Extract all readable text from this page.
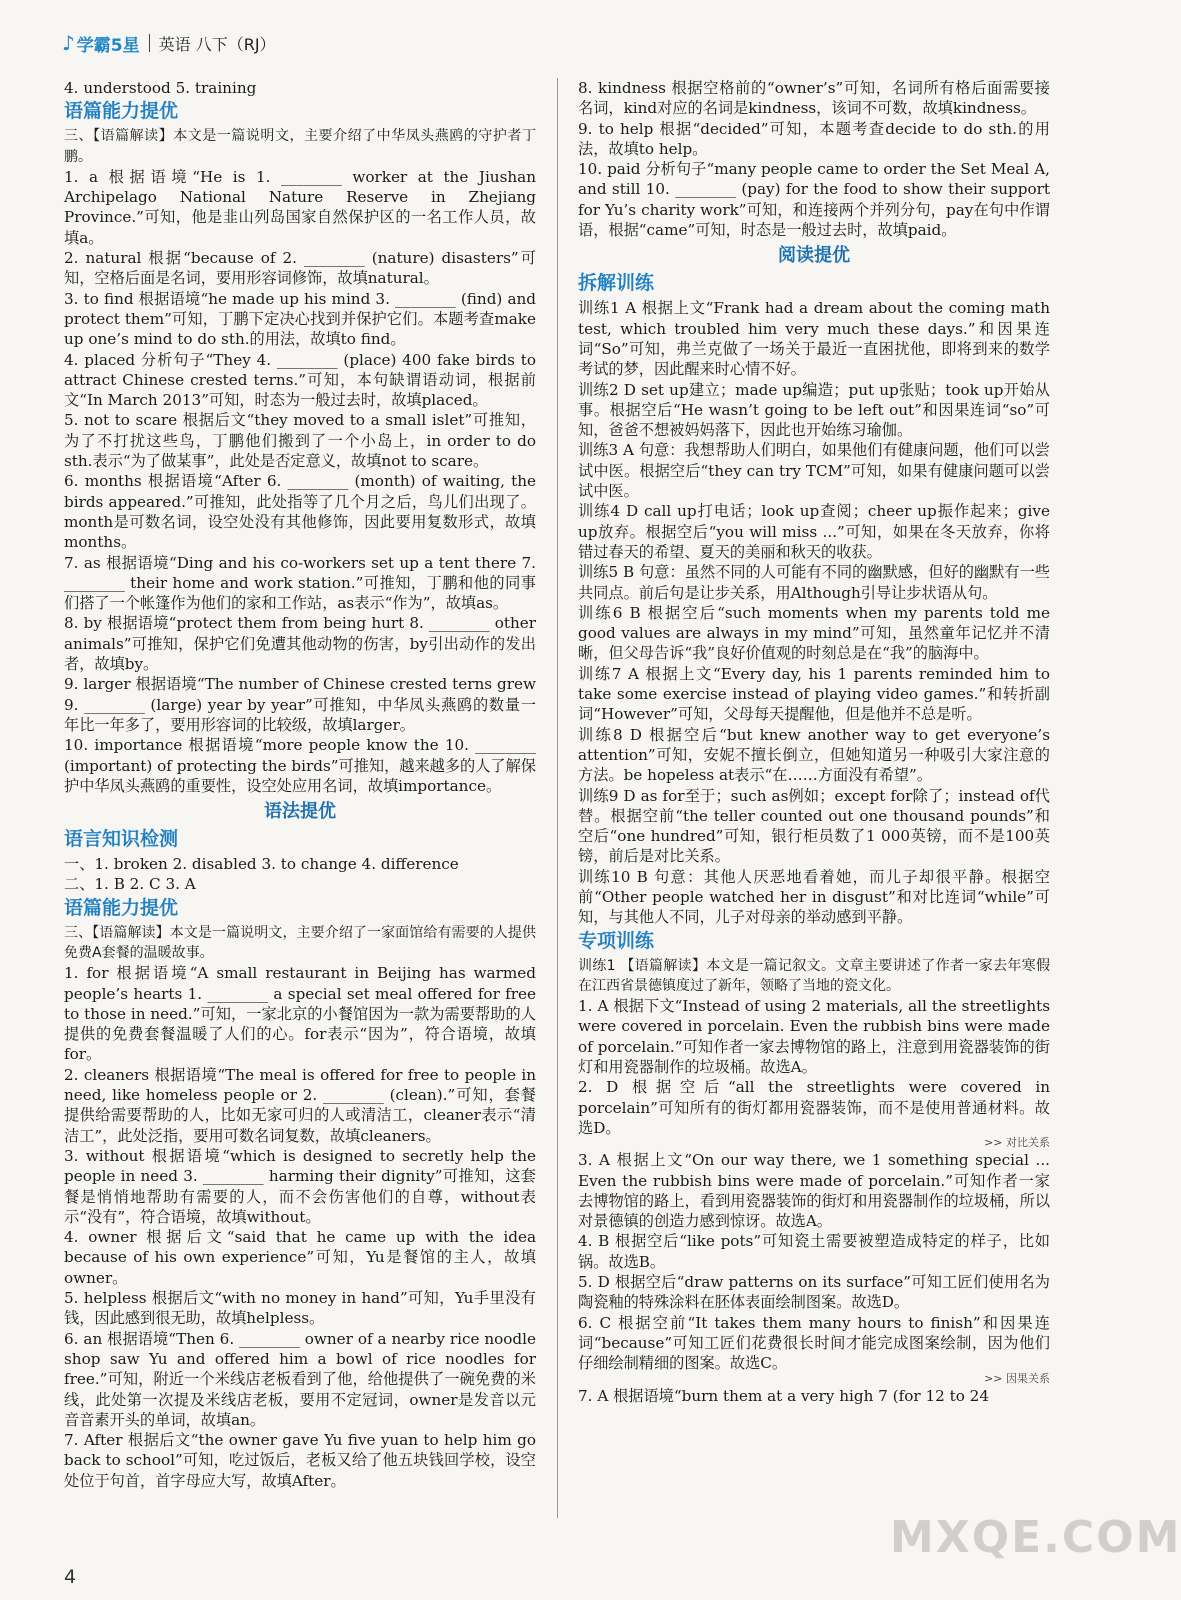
♪ 学霸5星 英语 八下（RJ）

4. understood 5. training

语篇能力提优

三、【语篇解读】本文是一篇说明文，主要介绍了中华凤头燕鸥的守护者丁鹏。

1. a 根据语境“He is 1. ________ worker at the Jiushan Archipelago National Nature Reserve in Zhejiang Province.”可知，他是韭山列岛国家自然保护区的一名工作人员，故填a。

2. natural 根据“because of 2. ________ (nature) disasters”可知，空格后面是名词，要用形容词修饰，故填natural。

3. to find 根据语境“he made up his mind 3. ________ (find) and protect them”可知，丁鹏下定决心找到并保护它们。本题考查make up one’s mind to do sth.的用法，故填to find。

4. placed 分析句子“They 4. ________ (place) 400 fake birds to attract Chinese crested terns.”可知，本句缺谓语动词，根据前文“In March 2013”可知，时态为一般过去时，故填placed。

5. not to scare 根据后文“they moved to a small islet”可推知，为了不打扰这些鸟，丁鹏他们搬到了一个小岛上，in order to do sth.表示“为了做某事”，此处是否定意义，故填not to scare。

6. months 根据语境“After 6. ________ (month) of waiting, the birds appeared.”可推知，此处指等了几个月之后，鸟儿们出现了。month是可数名词，设空处没有其他修饰，因此要用复数形式，故填months。

7. as 根据语境“Ding and his co-workers set up a tent there 7. ________ their home and work station.”可推知，丁鹏和他的同事们搭了一个帐篷作为他们的家和工作站，as表示“作为”，故填as。

8. by 根据语境“protect them from being hurt 8. ________ other animals”可推知，保护它们免遭其他动物的伤害，by引出动作的发出者，故填by。

9. larger 根据语境“The number of Chinese crested terns grew 9. ________ (large) year by year”可推知，中华凤头燕鸥的数量一年比一年多了，要用形容词的比较级，故填larger。

10. importance 根据语境“more people know the 10. ________ (important) of protecting the birds”可推知，越来越多的人了解保护中华凤头燕鸥的重要性，设空处应用名词，故填importance。

语法提优
语言知识检测

一、1. broken 2. disabled 3. to change 4. difference

二、1. B 2. C 3. A

语篇能力提优

三、【语篇解读】本文是一篇说明文，主要介绍了一家面馆给有需要的人提供免费A套餐的温暖故事。

1. for 根据语境“A small restaurant in Beijing has warmed people’s hearts 1. ________ a special set meal offered for free to those in need.”可知，一家北京的小餐馆因为一款为需要帮助的人提供的免费套餐温暖了人们的心。for表示“因为”，符合语境，故填for。

2. cleaners 根据语境“The meal is offered for free to people in need, like homeless people or 2. ________ (clean).”可知，套餐提供给需要帮助的人，比如无家可归的人或清洁工，cleaner表示“清洁工”，此处泛指，要用可数名词复数，故填cleaners。

3. without 根据语境“which is designed to secretly help the people in need 3. ________ harming their dignity”可推知，这套餐是悄悄地帮助有需要的人，而不会伤害他们的自尊，without表示“没有”，符合语境，故填without。

4. owner 根据后文“said that he came up with the idea because of his own experience”可知，Yu是餐馆的主人，故填owner。

5. helpless 根据后文“with no money in hand”可知，Yu手里没有钱，因此感到很无助，故填helpless。

6. an 根据语境“Then 6. ________ owner of a nearby rice noodle shop saw Yu and offered him a bowl of rice noodles for free.”可知，附近一个米线店老板看到了他，给他提供了一碗免费的米线，此处第一次提及米线店老板，要用不定冠词，owner是发音以元音音素开头的单词，故填an。

7. After 根据后文“the owner gave Yu five yuan to help him go back to school”可知，吃过饭后，老板又给了他五块钱回学校，设空处位于句首，首字母应大写，故填After。

8. kindness 根据空格前的“owner’s”可知，名词所有格后面需要接名词，kind对应的名词是kindness，该词不可数，故填kindness。

9. to help 根据“decided”可知，本题考查decide to do sth.的用法，故填to help。

10. paid 分析句子“many people came to order the Set Meal A, and still 10. ________ (pay) for the food to show their support for Yu’s charity work”可知，和连接两个并列分句，pay在句中作谓语，根据“came”可知，时态是一般过去时，故填paid。

阅读提优
拆解训练

训练1 A 根据上文“Frank had a dream about the coming math test, which troubled him very much these days.”和因果连词“So”可知，弗兰克做了一场关于最近一直困扰他，即将到来的数学考试的梦，因此醒来时心情不好。

训练2 D set up建立；made up编造；put up张贴；took up开始从事。根据空后“He wasn’t going to be left out”和因果连词“so”可知，爸爸不想被妈妈落下，因此也开始练习瑜伽。

训练3 A 句意：我想帮助人们明白，如果他们有健康问题，他们可以尝试中医。根据空后“they can try TCM”可知，如果有健康问题可以尝试中医。

训练4 D call up打电话；look up查阅；cheer up振作起来；give up放弃。根据空后“you will miss ...”可知，如果在冬天放弃，你将错过春天的希望、夏天的美丽和秋天的收获。

训练5 B 句意：虽然不同的人可能有不同的幽默感，但好的幽默有一些共同点。前后句是让步关系，用Although引导让步状语从句。

训练6 B 根据空后“such moments when my parents told me good values are always in my mind”可知，虽然童年记忆并不清晰，但父母告诉“我”良好价值观的时刻总是在“我”的脑海中。

训练7 A 根据上文“Every day, his 1 parents reminded him to take some exercise instead of playing video games.”和转折副词“However”可知，父母每天提醒他，但是他并不总是听。

训练8 D 根据空后“but knew another way to get everyone’s attention”可知，安妮不擅长倒立，但她知道另一种吸引大家注意的方法。be hopeless at表示“在……方面没有希望”。

训练9 D as for至于；such as例如；except for除了；instead of代替。根据空前“the teller counted out one thousand pounds”和空后“one hundred”可知，银行柜员数了1 000英镑，而不是100英镑，前后是对比关系。

训练10 B 句意：其他人厌恶地看着她，而儿子却很平静。根据空前“Other people watched her in disgust”和对比连词“while”可知，与其他人不同，儿子对母亲的举动感到平静。

专项训练

训练1 【语篇解读】本文是一篇记叙文。文章主要讲述了作者一家去年寒假在江西省景德镇度过了新年，领略了当地的瓷文化。

1. A 根据下文“Instead of using 2 materials, all the streetlights were covered in porcelain. Even the rubbish bins were made of porcelain.”可知作者一家去博物馆的路上，注意到用瓷器装饰的街灯和用瓷器制作的垃圾桶。故选A。

2. D 根据空后“all the streetlights were covered in porcelain”可知所有的街灯都用瓷器装饰，而不是使用普通材料。故选D。

>> 对比关系

3. A 根据上文“On our way there, we 1 something special ... Even the rubbish bins were made of porcelain.”可知作者一家去博物馆的路上，看到用瓷器装饰的街灯和用瓷器制作的垃圾桶，所以对景德镇的创造力感到惊讶。故选A。

4. B 根据空后“like pots”可知瓷土需要被塑造成特定的样子，比如锅。故选B。

5. D 根据空后“draw patterns on its surface”可知工匠们使用名为陶瓷釉的特殊涂料在胚体表面绘制图案。故选D。

6. C 根据空前“It takes them many hours to finish”和因果连词“because”可知工匠们花费很长时间才能完成图案绘制，因为他们仔细绘制精细的图案。故选C。

>> 因果关系

7. A 根据语境“burn them at a very high 7 (for 12 to 24

4
MXQE.COM
